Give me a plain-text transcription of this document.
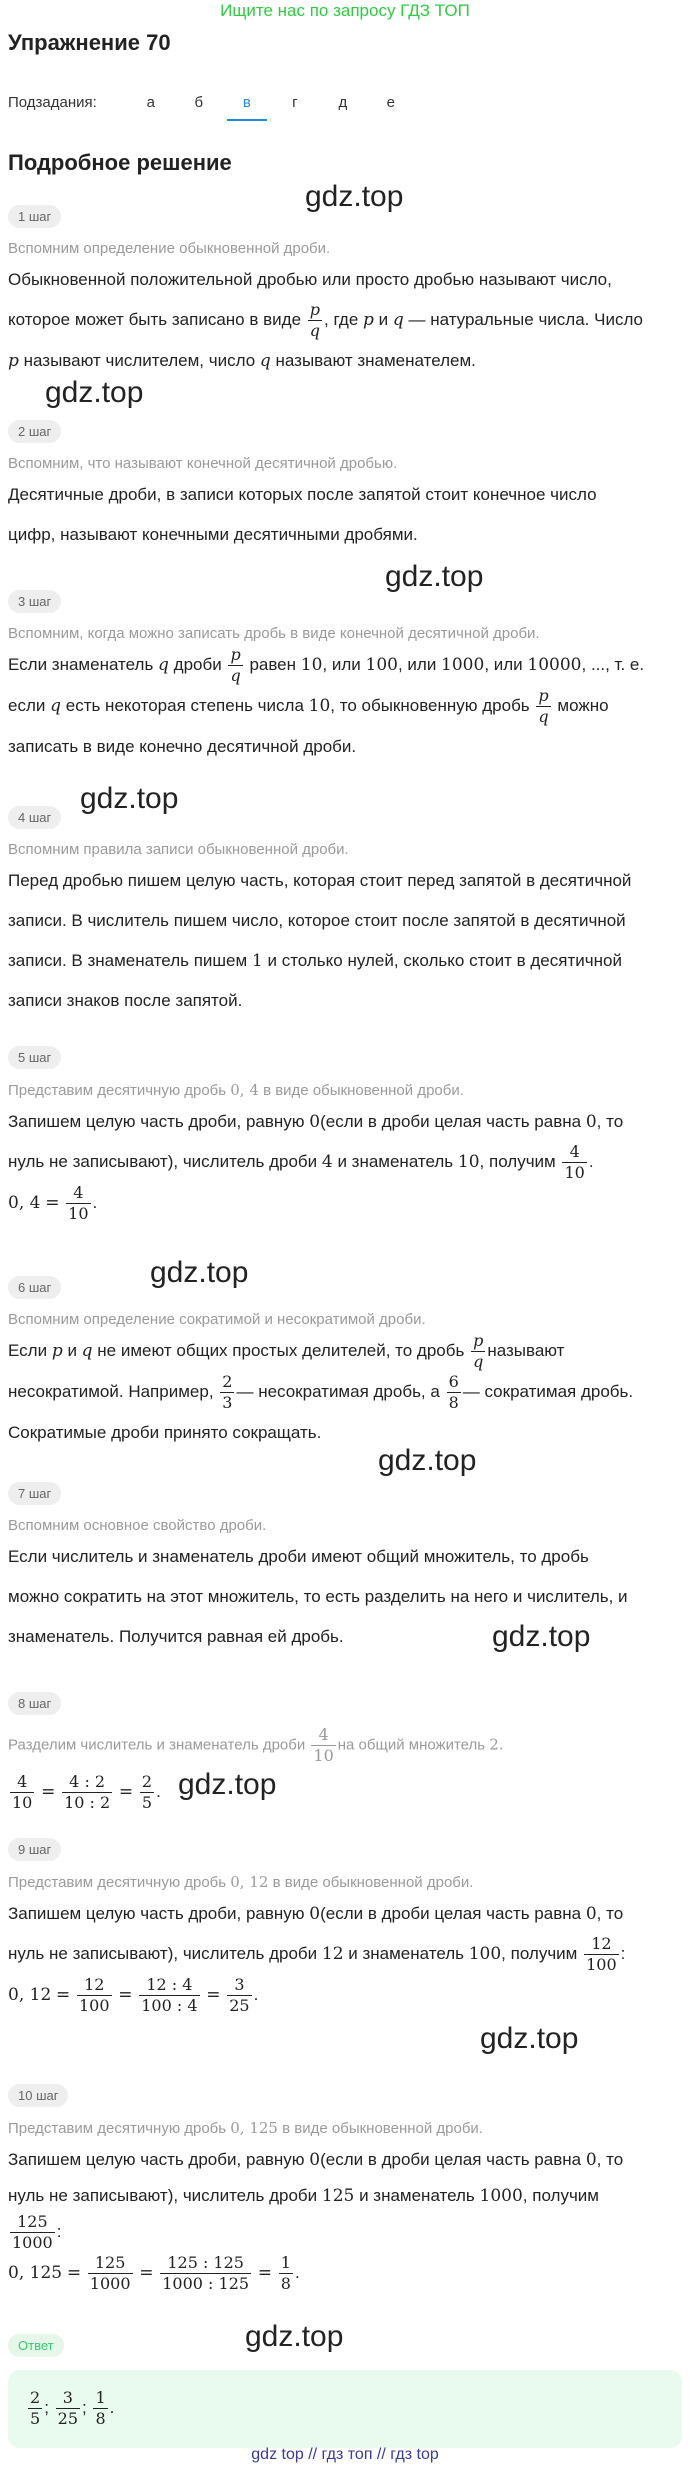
Ищите нас по запросу ГДЗ ТОП
Упражнение 70
Подзадания:	а	б	в	г	д	е
Подробное решение
gdz.top
gdz.top
gdz.top
gdz.top
gdz.top
gdz.top
gdz.top
gdz.top
gdz.top
gdz.top
1 шаг
Вспомним определение обыкновенной дроби.
Обыкновенной положительной дробью или просто дробью называют число,
которое может быть записано в виде $\frac{p}{q}$ , где p и q — натуральные числа. Число
p называют числителем, число q называют знаменателем.
2 шаг
Вспомним, что называют конечной десятичной дробью.
Десятичные дроби, в записи которых после запятой стоит конечное число
цифр, называют конечными десятичными дробями.
3 шаг
Вспомним, когда можно записать дробь в виде конечной десятичной дроби.
Если знаменатель q дроби $\frac{p}{q}$ равен 10, или 100, или 1000, или 10000, ..., т. е.
если q есть некоторая степень числа 10, то обыкновенную дробь $\frac{p}{q}$ можно
записать в виде конечно десятичной дроби.
4 шаг
Вспомним правила записи обыкновенной дроби.
Перед дробью пишем целую часть, которая стоит перед запятой в десятичной
записи. В числитель пишем число, которое стоит после запятой в десятичной
записи. В знаменатель пишем 1 и столько нулей, сколько стоит в десятичной
записи знаков после запятой.
5 шаг
Представим десятичную дробь 0, 4 в виде обыкновенной дроби.
Запишем целую часть дроби, равную 0(если в дроби целая часть равна 0, то
нуль не записывают), числитель дроби 4 и знаменатель 10, получим $\frac{4}{10}$ .
0, $4 = \frac{4}{10}$ .
6 шаг
Вспомним определение сократимой и несократимой дроби.
Если p и q не имеют общих простых делителей, то дробь $\frac{p}{q}$ называют
несократимой. Например, $\frac{2}{3}$ — несократимая дробь, а $\frac{6}{8}$ — сократимая дробь.
Сократимые дроби принято сокращать.
7 шаг
Вспомним основное свойство дроби.
Если числитель и знаменатель дроби имеют общий множитель, то дробь
можно сократить на этот множитель, то есть разделить на него и числитель, и
знаменатель. Получится равная ей дробь.
8 шаг
Разделим числитель и знаменатель дроби $\frac{4}{10}$ на общий множитель 2.
$\frac{4}{10} = \frac{4 : 2}{10 : 2} = \frac{2}{5}$ .
9 шаг
Представим десятичную дробь 0, 12 в виде обыкновенной дроби.
Запишем целую часть дроби, равную 0(если в дроби целая часть равна 0, то
нуль не записывают), числитель дроби 12 и знаменатель 100, получим $\frac{12}{100}$ :
0, $12 = \frac{12}{100} = \frac{12 : 4}{100 : 4} = \frac{3}{25}$ .
10 шаг
Представим десятичную дробь 0, 125 в виде обыкновенной дроби.
Запишем целую часть дроби, равную 0(если в дроби целая часть равна 0, то
нуль не записывают), числитель дроби 125 и знаменатель 1000, получим
$\frac{125}{1000}$ :
0, $125 = \frac{125}{1000} = \frac{125 : 125}{1000 : 125} = \frac{1}{8}$ .
Ответ
$\frac{2}{5}$ ; $\frac{3}{25}$ ; $\frac{1}{8}$ .
gdz top // гдз топ // гдз top
